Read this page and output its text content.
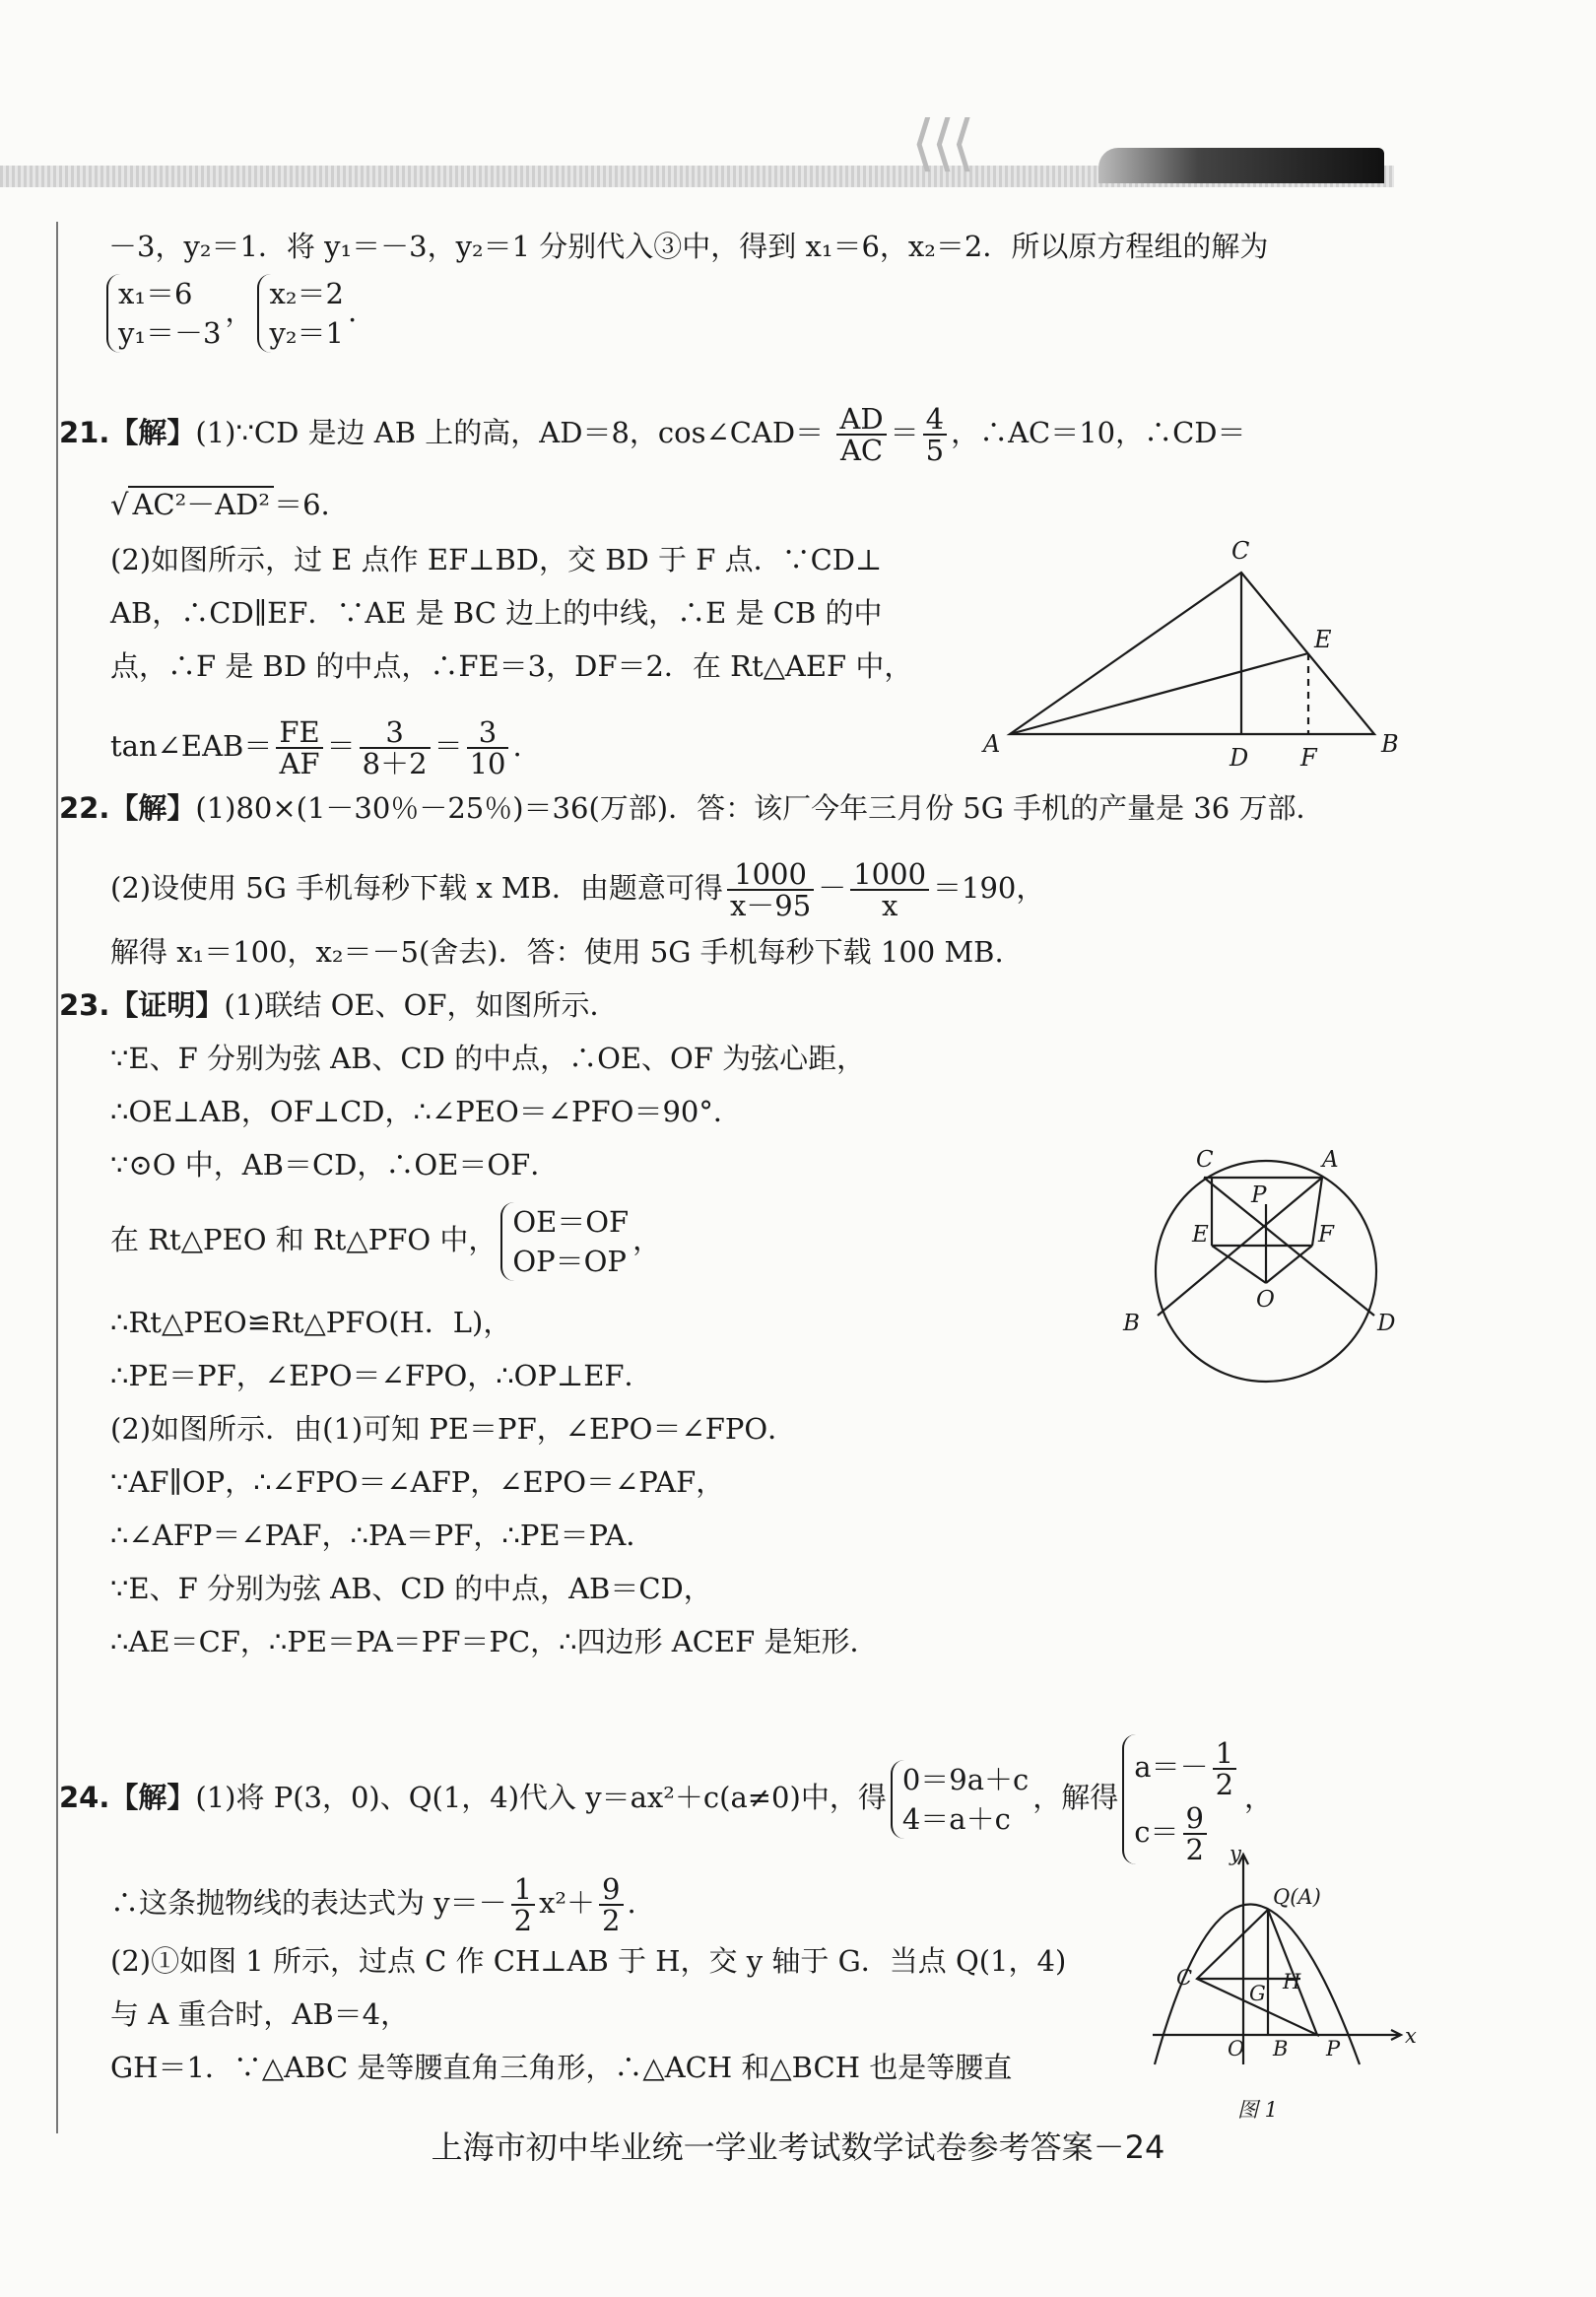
⟨⟨⟨
－3，y₂＝1．将 y₁＝－3，y₂＝1 分别代入③中，得到 x₁＝6，x₂＝2．所以原方程组的解为
x₁＝6
y₁＝－3
，
x₂＝2
y₂＝1
.
21.【解】(1)∵CD 是边 AB 上的高，AD＝8，cos∠CAD＝ $\frac{AD}{AC} = \frac{4}{5}$ ，∴AC＝10，∴CD＝
√ AC²－AD² ＝6.
(2)如图所示，过 E 点作 EF⊥BD，交 BD 于 F 点．∵CD⊥
AB，∴CD∥EF．∵AE 是 BC 边上的中线，∴E 是 CB 的中
点，∴F 是 BD 的中点，∴FE＝3，DF＝2．在 Rt△AEF 中，
tan∠EAB＝ $\frac{FE}{AF} = \frac{3}{8+2} = \frac{3}{10}$ .
22.【解】(1)80×(1－30％－25％)＝36(万部)．答：该厂今年三月份 5G 手机的产量是 36 万部．
(2)设使用 5G 手机每秒下载 x MB．由题意可得 $\frac{1000}{x-95} - \frac{1000}{x} =190$，
解得 x₁＝100，x₂＝－5(舍去)．答：使用 5G 手机每秒下载 100 MB.
23.【证明】(1)联结 OE、OF，如图所示．
∵E、F 分别为弦 AB、CD 的中点，∴OE、OF 为弦心距，
∴OE⊥AB，OF⊥CD，∴∠PEO＝∠PFO＝90°．
∵⊙O 中，AB＝CD，∴OE＝OF．
在 Rt△PEO 和 Rt△PFO 中，
OE＝OF
OP＝OP
，
∴Rt△PEO≌Rt△PFO(H．L)，
∴PE＝PF，∠EPO＝∠FPO，∴OP⊥EF．
(2)如图所示．由(1)可知 PE＝PF，∠EPO＝∠FPO．
∵AF∥OP，∴∠FPO＝∠AFP，∠EPO＝∠PAF，
∴∠AFP＝∠PAF，∴PA＝PF，∴PE＝PA．
∵E、F 分别为弦 AB、CD 的中点，AB＝CD，
∴AE＝CF，∴PE＝PA＝PF＝PC，∴四边形 ACEF 是矩形．
24.【解】(1)将 P(3，0)、Q(1，4)代入 y＝ax²＋c(a≠0)中，得
0＝9a＋c
4＝a＋c
，解得
$a=- \frac{1}{2}$
$c= \frac{9}{2}$
，
∴这条抛物线的表达式为 $y=- \frac{1}{2} x^2+ \frac{9}{2}$ .
(2)①如图 1 所示，过点 C 作 CH⊥AB 于 H，交 y 轴于 G．当点 Q(1，4)
与 A 重合时，AB＝4，
GH＝1．∵△ABC 是等腰直角三角形，∴△ACH 和△BCH 也是等腰直
A	B
C
D
E
F
C	A
P
E	F
O
B	D
y
x
Q(A)
C
G H
O B P
图 1
上海市初中毕业统一学业考试数学试卷参考答案－24
